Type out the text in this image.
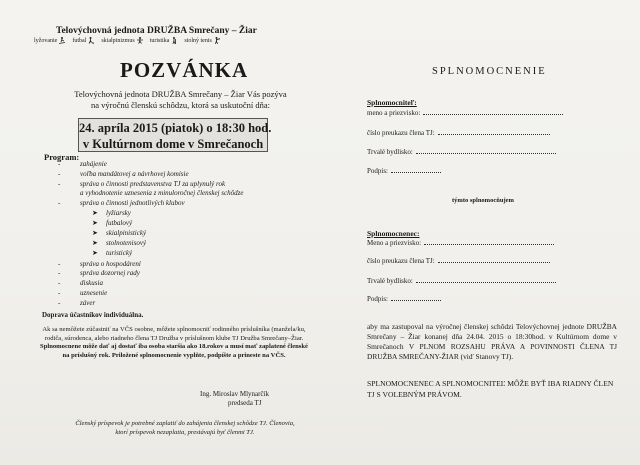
Telovýchovná jednota DRUŽBA Smrečany – Žiar
lyžovanie	futbal	skialpinizmus	turistika	stolný tenis
POZVÁNKA
Telovýchovná jednota DRUŽBA Smrečany – Žiar Vás pozýva
na výročnú členskú schôdzu, ktorá sa uskutoční dňa:
24. apríla 2015 (piatok) o 18:30 hod.
v Kultúrnom dome v Smrečanoch
Program:
-	zahájenie
-	voľba mandátovej a návrhovej komisie
-	správa o činnosti predstavenstva TJ za uplynulý rok
a vyhodnotenie uznesenia z minuloročnej členskej schôdze
-	správa o činnosti jednotlivých klubov
➤ lyžiarsky
➤ futbalový
➤ skialpinistický
➤ stolnotenisový
➤ turistický
-	správa o hospodárení
-	správa dozornej rady
-	diskusia
-	uznesenie
-	záver
Doprava účastníkov individuálna.
Ak sa nemôžete zúčastniť na VČS osobne, môžete splnomocniť rodinného príslušníka (manžela/ku, rodiča, súrodenca, alebo riadneho člena TJ Družba v príslušnom klube TJ Družba Smrečany–Žiar. Splnomocnene môže dať aj dostať iba osoba staršia ako 18.rokov a musí mať zaplatené členské na príslušný rok. Priložené splnomocnenie vyplňte, podpíšte a prineste na VČS.
Ing. Miroslav Mlynarčík
predseda TJ
Členský príspevok je potrebné zaplatiť do zahájenia členskej schôdze TJ. Členovia, ktorí príspevok nezaplatia, prestávajú byť členmi TJ.
SPLNOMOCNENIE
Splnomocniteľ:
meno a priezvisko:
číslo preukazu člena TJ:
Trvalé bydlisko:
Podpis:
týmto splnomocňujem
Splnomocnenec:
Meno a priezvisko:
číslo preukazu člena TJ:
Trvalé bydlisko:
Podpis:
aby ma zastupoval na výročnej členskej schôdzi Telovýchovnej jednote DRUŽBA Smrečany – Žiar konanej dňa 24.04. 2015 o 18:30hod. v Kultúrnom dome v Smrečanoch V PLNOM ROZSAHU PRÁVA A POVINNOSTI ČLENA TJ DRUŽBA SMREČANY-ŽIAR (viď Stanovy TJ).
SPLNOMOCNENEC A SPLNOMOCNITEĽ MÔŽE BYŤ IBA RIADNY ČLEN TJ S VOLEBNÝM PRÁVOM.
